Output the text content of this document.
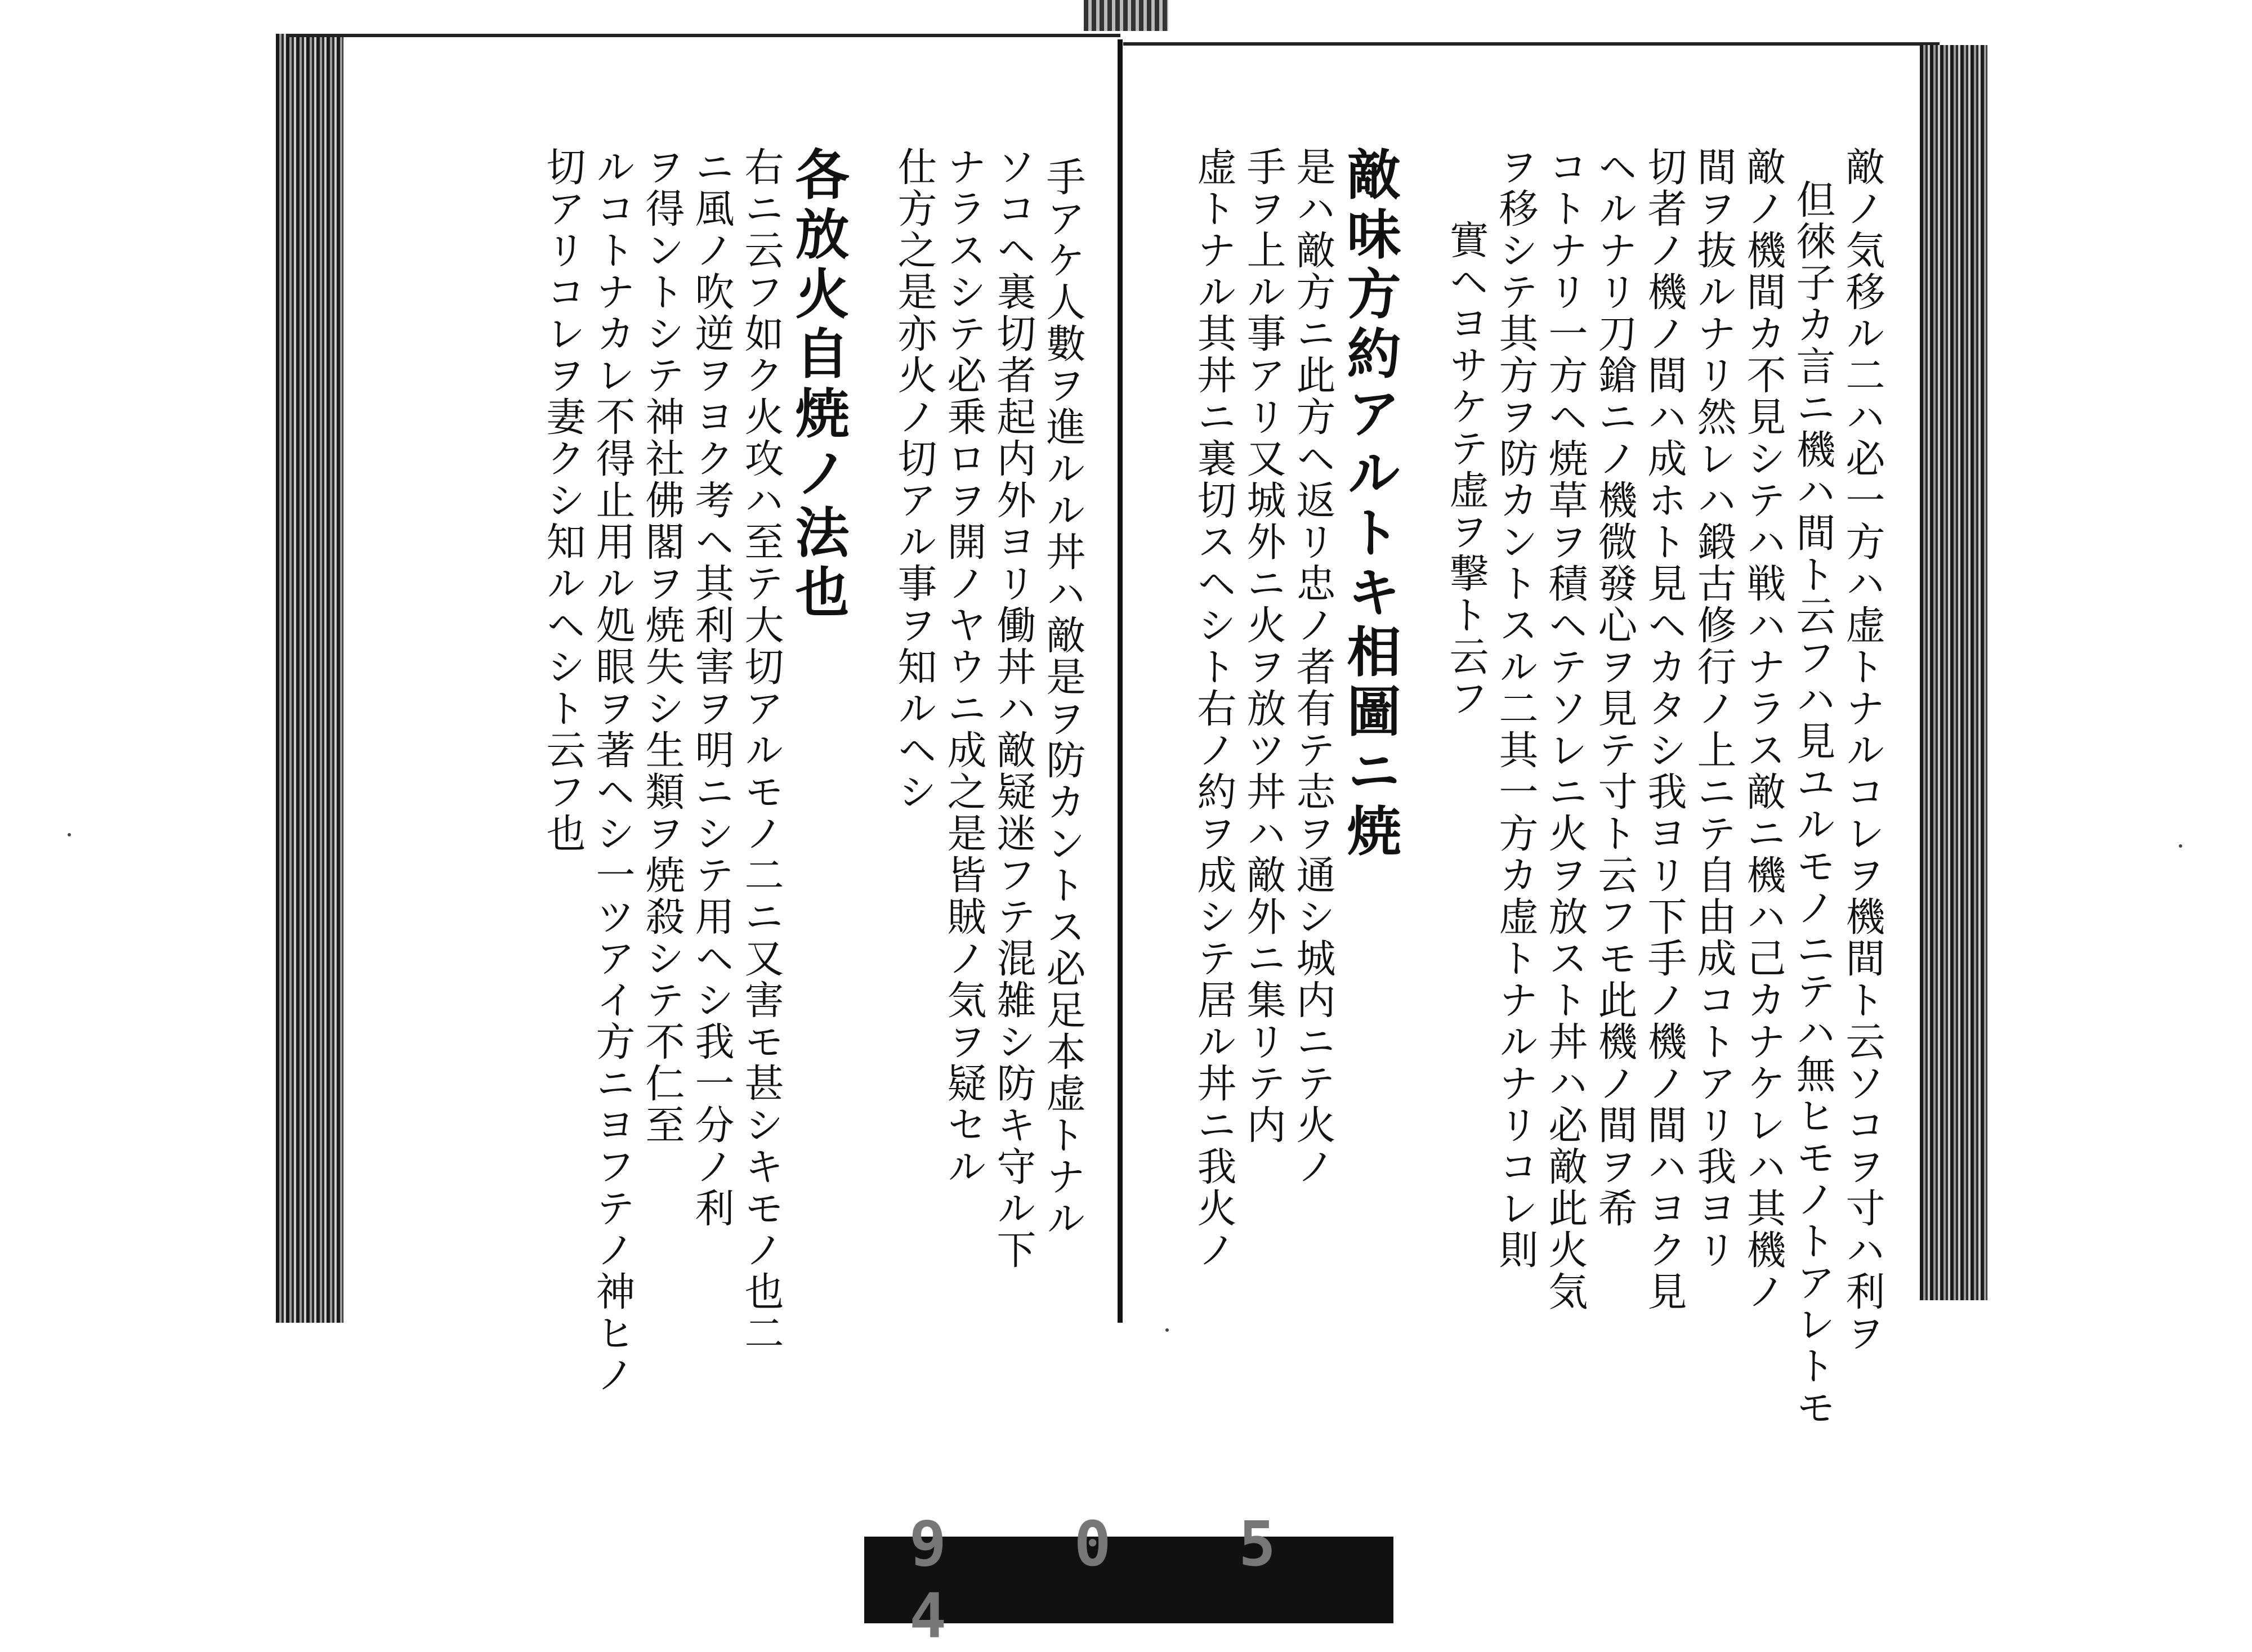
敵ノ気移ル二ハ必一方ハ虚トナルコレヲ機間ト云ソコヲ寸ハ利ヲ
但徠子カ言ニ機ハ間ト云フハ見ユルモノニテハ無ヒモノトアレトモ
敵ノ機間カ不見シテハ戦ハナラス敵ニ機ハ己カナケレハ其機ノ
間ヲ抜ルナリ然レハ鍛古修行ノ上ニテ自由成コトアリ我ヨリ
切者ノ機ノ間ハ成ホト見ヘカタシ我ヨリ下手ノ機ノ間ハヨク見
ヘルナリ刀鎗ニノ機微發心ヲ見テ寸ト云フモ此機ノ間ヲ希
コトナリ一方ヘ焼草ヲ積ヘテソレニ火ヲ放スト丼ハ必敵此火気
ヲ移シテ其方ヲ防カントスル二其一方カ虚トナルナリコレ則
實ヘヨサケテ虚ヲ撃ト云フ
敵味方約アルトキ相圖ニ焼
是ハ敵方ニ此方ヘ返リ忠ノ者有テ志ヲ通シ城内ニテ火ノ
手ヲ上ル事アリ又城外ニ火ヲ放ツ丼ハ敵外ニ集リテ内
虚トナル其丼ニ裏切スヘシト右ノ約ヲ成シテ居ル丼ニ我火ノ
手アケ人數ヲ進ルル丼ハ敵是ヲ防カントス必足本虚トナル
ソコヘ裏切者起内外ヨリ働丼ハ敵疑迷フテ混雑シ防キ守ル下
ナラスシテ必乗ロヲ開ノヤウニ成之是皆賊ノ気ヲ疑セル
仕方之是亦火ノ切アル事ヲ知ルヘシ
各放火自焼ノ法也
右ニ云フ如ク火攻ハ至テ大切アルモノ二ニ又害モ甚シキモノ也二
ニ風ノ吹逆ヲヨク考ヘ其利害ヲ明ニシテ用ヘシ我一分ノ利
ヲ得ントシテ神社佛閣ヲ焼失シ生類ヲ焼殺シテ不仁至
ルコトナカレ不得止用ル処眼ヲ著ヘシ一ツアイ方ニヨフテノ神ヒノ
切アリコレヲ妻クシ知ルヘシト云フ也
9 0 5 4
